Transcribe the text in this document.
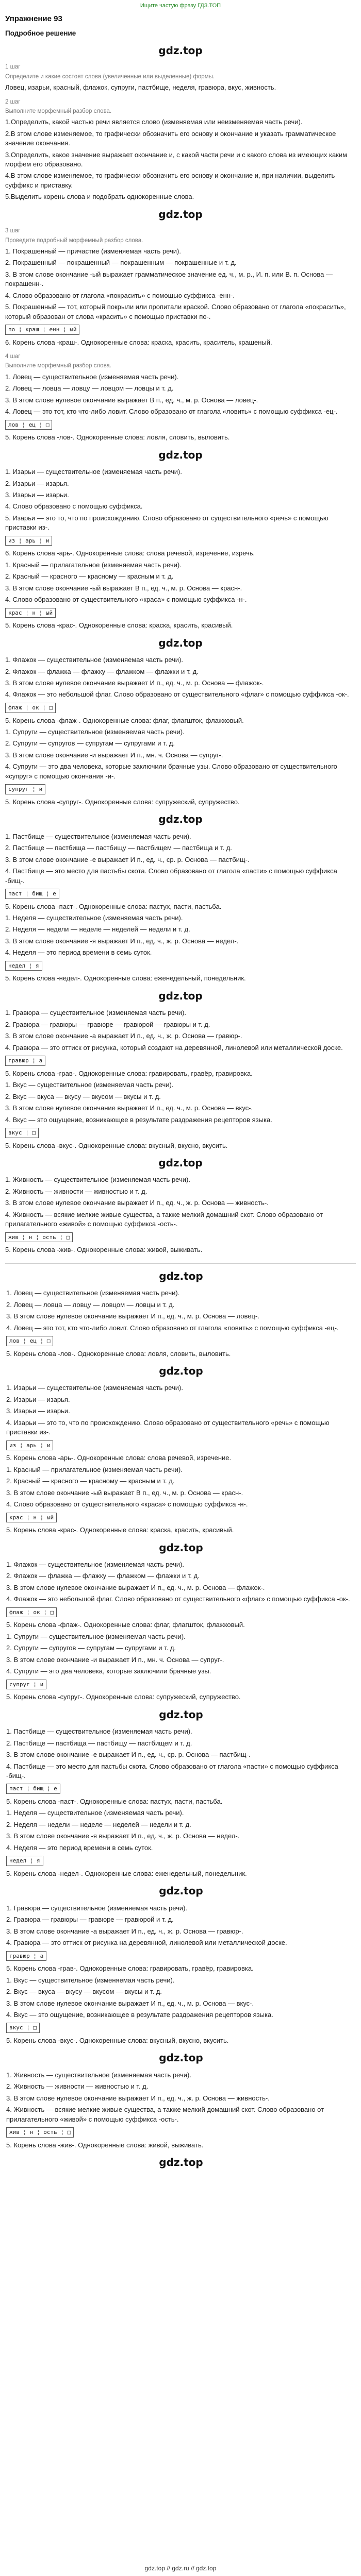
Ищите частую фразу ГДЗ.ТОП
Упражнение 93
Подробное решение
gdz.top
1 шаг
Определите и какие состоят слова (увеличенные или выделенные) формы.

Ловец, изарьи, красный, флажок, супруги, пастбище, неделя, гравюра, вкус, живность.

2 шаг
Выполните морфемный разбор слова.

1.Определить, какой частью речи является слово (изменяемая или неизменяемая часть речи).

2.В этом слове изменяемое, то графически обозначить его основу и окончание и указать грамматическое значение окончания.

3.Определить, какое значение выражает окончание и, с какой части речи и с какого слова из имеющих каким морфем его образовано.

4.В этом слове изменяемое, то графически обозначить его основу и окончание и, при наличии, выделить суффикс и приставку.

5.Выделить корень слова и подобрать однокоренные слова.

gdz.top
3 шаг
Проведите подробный морфемный разбор слова.

1. Покрашенный — причастие (изменяемая часть речи).

2. Покрашенный — покрашенный — покрашенным — покрашенные и т. д.

3. В этом слове окончание -ый выражает грамматическое значение ед. ч., м. р., И. п. или В. п. Основа — покрашенн-.

4. Слово образовано от глагола «покрасить» с помощью суффикса -енн-.

5. Покрашенный — тот, который покрыли или пропитали краской. Слово образовано от глагола «покрасить», который образован от слова «красить» с помощью приставки по-.

по ¦ краш ¦ енн ¦ ый

6. Корень слова -краш-. Однокоренные слова: краска, красить, краситель, крашеный.

4 шаг
Выполните морфемный разбор слова.

1. Ловец — существительное (изменяемая часть речи).

2. Ловец — ловца — ловцу — ловцом — ловцы и т. д.

3. В этом слове нулевое окончание выражает В п., ед. ч., м. р. Основа — ловец-.

4. Ловец — это тот, кто что-либо ловит. Слово образовано от глагола «ловить» с помощью суффикса -ец-.

лов ¦ ец ¦ □

5. Корень слова -лов-. Однокоренные слова: ловля, словить, выловить.

gdz.top

1. Изарьи — существительное (изменяемая часть речи).

2. Изарьи — изарья.

3. Изарьи — изарьи.

4. Слово образовано с помощью суффикса.

5. Изарьи — это то, что по происхождению. Слово образовано от существительного «речь» с помощью приставки из-.

из ¦ арь ¦ и

6. Корень слова -арь-. Однокоренные слова: слова речевой, изречение, изречь.

1. Красный — прилагательное (изменяемая часть речи).

2. Красный — красного — красному — красным и т. д.

3. В этом слове окончание -ый выражает В п., ед. ч., м. р. Основа — красн-.

4. Слово образовано от существительного «краса» с помощью суффикса -н-.

крас ¦ н ¦ ый

5. Корень слова -крас-. Однокоренные слова: краска, красить, красивый.

gdz.top

1. Флажок — существительное (изменяемая часть речи).

2. Флажок — флажка — флажку — флажком — флажки и т. д.

3. В этом слове нулевое окончание выражает И п., ед. ч., м. р. Основа — флажок-.

4. Флажок — это небольшой флаг. Слово образовано от существительного «флаг» с помощью суффикса -ок-.

флаж ¦ ок ¦ □

5. Корень слова -флаж-. Однокоренные слова: флаг, флагшток, флажковый.

1. Супруги — существительное (изменяемая часть речи).

2. Супруги — супругов — супругам — супругами и т. д.

3. В этом слове окончание -и выражает И п., мн. ч. Основа — супруг-.

4. Супруги — это два человека, которые заключили брачные узы. Слово образовано от существительного «супруг» с помощью окончания -и-.

супруг ¦ и

5. Корень слова -супруг-. Однокоренные слова: супружеский, супружество.

gdz.top

1. Пастбище — существительное (изменяемая часть речи).

2. Пастбище — пастбища — пастбищу — пастбищем — пастбища и т. д.

3. В этом слове окончание -е выражает И п., ед. ч., ср. р. Основа — пастбищ-.

4. Пастбище — это место для пастьбы скота. Слово образовано от глагола «пасти» с помощью суффикса -бищ-.

паст ¦ бищ ¦ е

5. Корень слова -паст-. Однокоренные слова: пастух, пасти, пастьба.

1. Неделя — существительное (изменяемая часть речи).

2. Неделя — недели — неделе — неделей — недели и т. д.

3. В этом слове окончание -я выражает И п., ед. ч., ж. р. Основа — недел-.

4. Неделя — это период времени в семь суток.

недел ¦ я

5. Корень слова -недел-. Однокоренные слова: еженедельный, понедельник.

gdz.top

1. Гравюра — существительное (изменяемая часть речи).

2. Гравюра — гравюры — гравюре — гравюрой — гравюры и т. д.

3. В этом слове окончание -а выражает И п., ед. ч., ж. р. Основа — гравюр-.

4. Гравюра — это оттиск от рисунка, который создают на деревянной, линолевой или металлической доске.

гравюр ¦ а

5. Корень слова -грав-. Однокоренные слова: гравировать, гравёр, гравировка.

1. Вкус — существительное (изменяемая часть речи).

2. Вкус — вкуса — вкусу — вкусом — вкусы и т. д.

3. В этом слове нулевое окончание выражает И п., ед. ч., м. р. Основа — вкус-.

4. Вкус — это ощущение, возникающее в результате раздражения рецепторов языка.

вкус ¦ □

5. Корень слова -вкус-. Однокоренные слова: вкусный, вкусно, вкусить.

gdz.top

1. Живность — существительное (изменяемая часть речи).

2. Живность — живности — живностью и т. д.

3. В этом слове нулевое окончание выражает И п., ед. ч., ж. р. Основа — живность-.

4. Живность — всякие мелкие живые существа, а также мелкий домашний скот. Слово образовано от прилагательного «живой» с помощью суффикса -ость-.

жив ¦ н ¦ ость ¦ □

5. Корень слова -жив-. Однокоренные слова: живой, выживать.

gdz.top

1. Ловец — существительное (изменяемая часть речи).

2. Ловец — ловца — ловцу — ловцом — ловцы и т. д.

3. В этом слове нулевое окончание выражает И п., ед. ч., м. р. Основа — ловец-.

4. Ловец — это тот, кто что-либо ловит. Слово образовано от глагола «ловить» с помощью суффикса -ец-.

лов ¦ ец ¦ □

5. Корень слова -лов-. Однокоренные слова: ловля, словить, выловить.

gdz.top

1. Изарьи — существительное (изменяемая часть речи).

2. Изарьи — изарья.

3. Изарьи — изарьи.

4. Изарьи — это то, что по происхождению. Слово образовано от существительного «речь» с помощью приставки из-.

из ¦ арь ¦ и

5. Корень слова -арь-. Однокоренные слова: слова речевой, изречение.

1. Красный — прилагательное (изменяемая часть речи).

2. Красный — красного — красному — красным и т. д.

3. В этом слове окончание -ый выражает В п., ед. ч., м. р. Основа — красн-.

4. Слово образовано от существительного «краса» с помощью суффикса -н-.

крас ¦ н ¦ ый

5. Корень слова -крас-. Однокоренные слова: краска, красить, красивый.

gdz.top

1. Флажок — существительное (изменяемая часть речи).

2. Флажок — флажка — флажку — флажком — флажки и т. д.

3. В этом слове нулевое окончание выражает И п., ед. ч., м. р. Основа — флажок-.

4. Флажок — это небольшой флаг. Слово образовано от существительного «флаг» с помощью суффикса -ок-.

флаж ¦ ок ¦ □

5. Корень слова -флаж-. Однокоренные слова: флаг, флагшток, флажковый.

1. Супруги — существительное (изменяемая часть речи).

2. Супруги — супругов — супругам — супругами и т. д.

3. В этом слове окончание -и выражает И п., мн. ч. Основа — супруг-.

4. Супруги — это два человека, которые заключили брачные узы.

супруг ¦ и

5. Корень слова -супруг-. Однокоренные слова: супружеский, супружество.

gdz.top

1. Пастбище — существительное (изменяемая часть речи).

2. Пастбище — пастбища — пастбищу — пастбищем и т. д.

3. В этом слове окончание -е выражает И п., ед. ч., ср. р. Основа — пастбищ-.

4. Пастбище — это место для пастьбы скота. Слово образовано от глагола «пасти» с помощью суффикса -бищ-.

паст ¦ бищ ¦ е

5. Корень слова -паст-. Однокоренные слова: пастух, пасти, пастьба.

1. Неделя — существительное (изменяемая часть речи).

2. Неделя — недели — неделе — неделей — недели и т. д.

3. В этом слове окончание -я выражает И п., ед. ч., ж. р. Основа — недел-.

4. Неделя — это период времени в семь суток.

недел ¦ я

5. Корень слова -недел-. Однокоренные слова: еженедельный, понедельник.

gdz.top

1. Гравюра — существительное (изменяемая часть речи).

2. Гравюра — гравюры — гравюре — гравюрой и т. д.

3. В этом слове окончание -а выражает И п., ед. ч., ж. р. Основа — гравюр-.

4. Гравюра — это оттиск от рисунка на деревянной, линолевой или металлической доске.

гравюр ¦ а

5. Корень слова -грав-. Однокоренные слова: гравировать, гравёр, гравировка.

1. Вкус — существительное (изменяемая часть речи).

2. Вкус — вкуса — вкусу — вкусом — вкусы и т. д.

3. В этом слове нулевое окончание выражает И п., ед. ч., м. р. Основа — вкус-.

4. Вкус — это ощущение, возникающее в результате раздражения рецепторов языка.

вкус ¦ □

5. Корень слова -вкус-. Однокоренные слова: вкусный, вкусно, вкусить.

gdz.top

1. Живность — существительное (изменяемая часть речи).

2. Живность — живности — живностью и т. д.

3. В этом слове нулевое окончание выражает И п., ед. ч., ж. р. Основа — живность-.

4. Живность — всякие мелкие живые существа, а также мелкий домашний скот. Слово образовано от прилагательного «живой» с помощью суффикса -ость-.

жив ¦ н ¦ ость ¦ □

5. Корень слова -жив-. Однокоренные слова: живой, выживать.

gdz.top
gdz.top // gdz.ru // gdz.top
